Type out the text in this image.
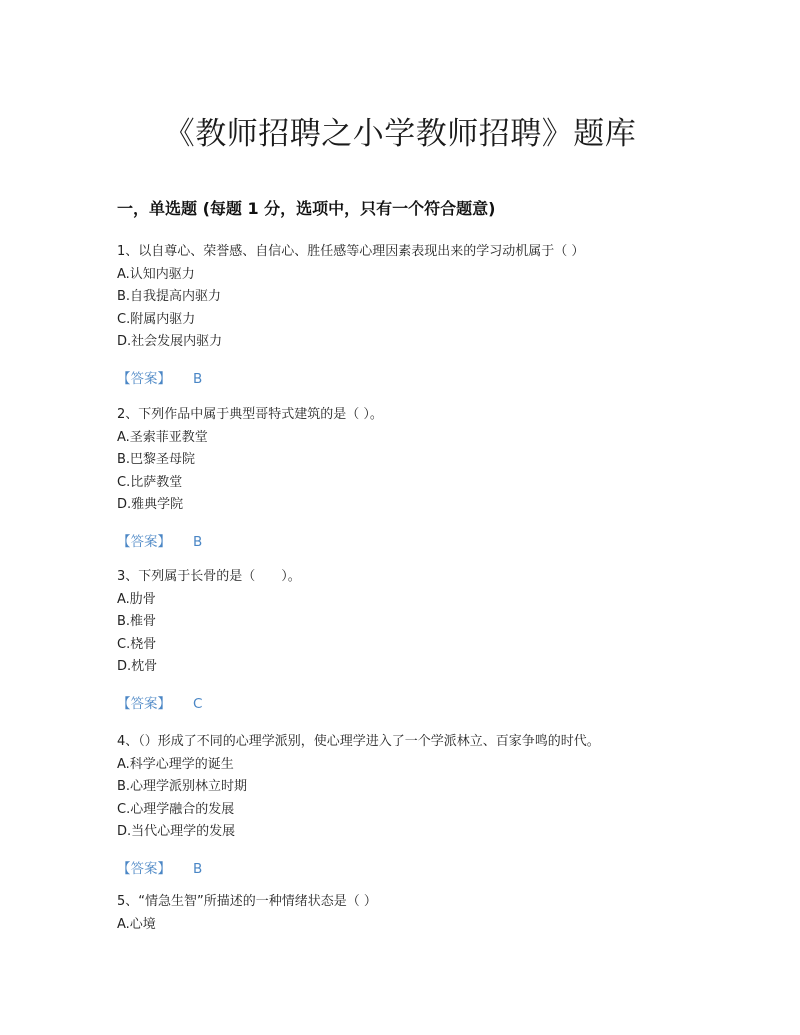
《教师招聘之小学教师招聘》题库
一，单选题 (每题 1 分，选项中，只有一个符合题意)
1、以自尊心、荣誉感、自信心、胜任感等心理因素表现出来的学习动机属于（ ）
A.认知内驱力
B.自我提高内驱力
C.附属内驱力
D.社会发展内驱力
【答案】 B
2、下列作品中属于典型哥特式建筑的是（ ）。
A.圣索菲亚教堂
B.巴黎圣母院
C.比萨教堂
D.雅典学院
【答案】 B
3、下列属于长骨的是（　　）。
A.肋骨
B.椎骨
C.桡骨
D.枕骨
【答案】 C
4、（）形成了不同的心理学派别，使心理学进入了一个学派林立、百家争鸣的时代。
A.科学心理学的诞生
B.心理学派别林立时期
C.心理学融合的发展
D.当代心理学的发展
【答案】 B
5、“情急生智”所描述的一种情绪状态是（ ）
A.心境
